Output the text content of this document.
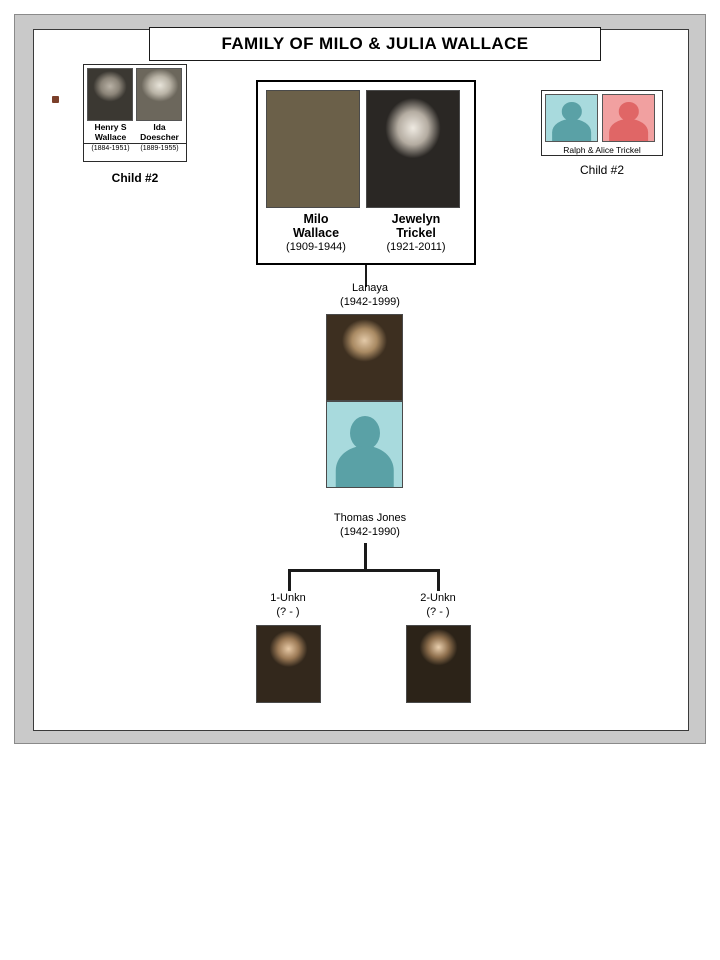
FAMILY OF MILO & JULIA WALLACE
Henry S
Wallace
Ida
Doescher
(1884-1951)	(1889-1955)
Child #2
Ralph & Alice Trickel
Child #2
Milo
Wallace
(1909-1944)
Jewelyn
Trickel
(1921-2011)
Lanaya
(1942-1999)
Thomas Jones
(1942-1990)
1-Unkn
(? - )
2-Unkn
(? - )
